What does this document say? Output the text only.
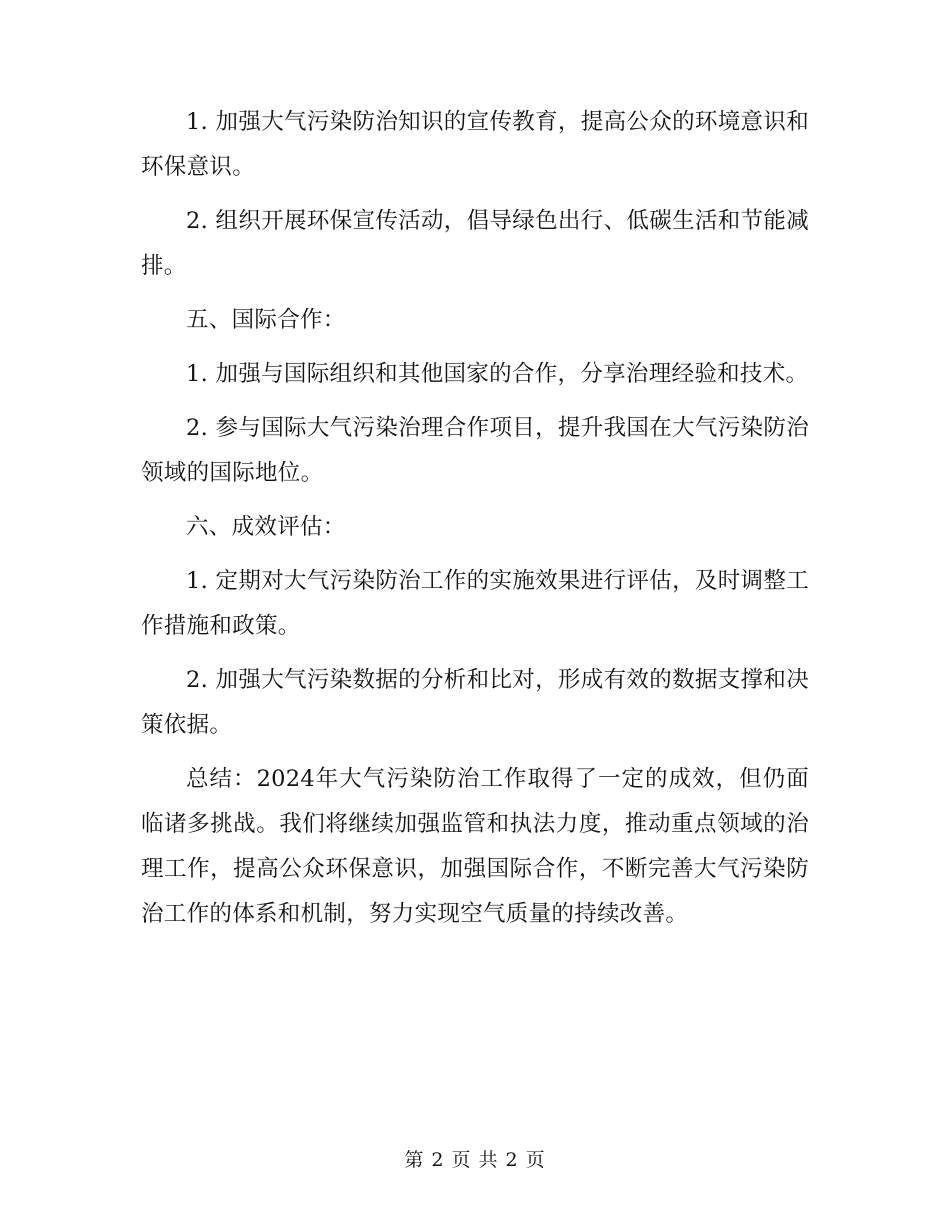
1. 加强大气污染防治知识的宣传教育，提高公众的环境意识和环保意识。

2. 组织开展环保宣传活动，倡导绿色出行、低碳生活和节能减排。

五、国际合作：

1. 加强与国际组织和其他国家的合作，分享治理经验和技术。

2. 参与国际大气污染治理合作项目，提升我国在大气污染防治领域的国际地位。

六、成效评估：

1. 定期对大气污染防治工作的实施效果进行评估，及时调整工作措施和政策。

2. 加强大气污染数据的分析和比对，形成有效的数据支撑和决策依据。

总结：2024年大气污染防治工作取得了一定的成效，但仍面临诸多挑战。我们将继续加强监管和执法力度，推动重点领域的治理工作，提高公众环保意识，加强国际合作，不断完善大气污染防治工作的体系和机制，努力实现空气质量的持续改善。

第 2 页 共 2 页
